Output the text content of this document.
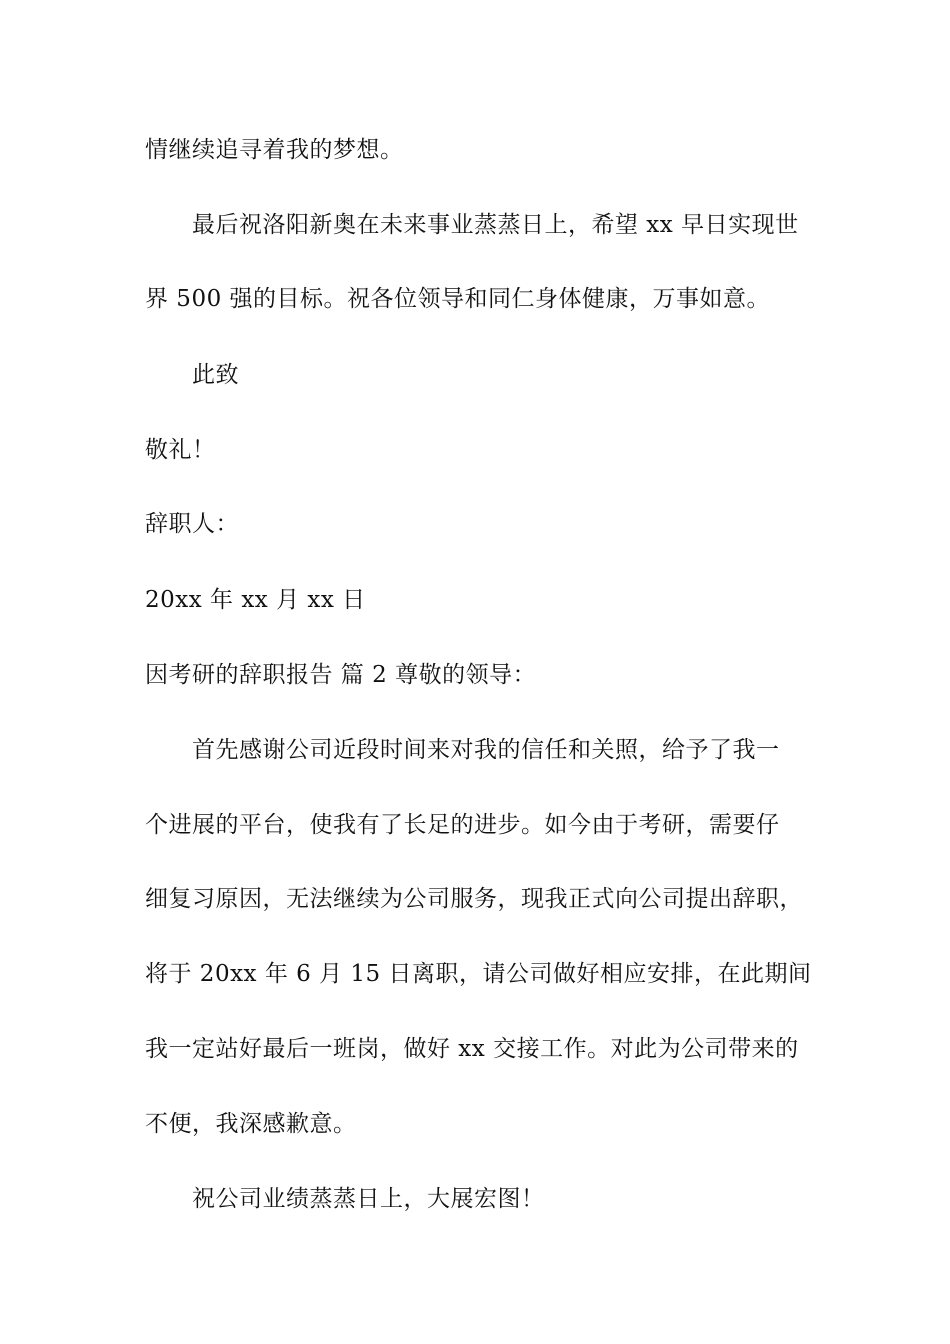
情继续追寻着我的梦想。
最后祝洛阳新奥在未来事业蒸蒸日上，希望 xx 早日实现世
界 500 强的目标。祝各位领导和同仁身体健康，万事如意。
此致
敬礼！
辞职人：
20xx 年 xx 月 xx 日
因考研的辞职报告 篇 2 尊敬的领导：
首先感谢公司近段时间来对我的信任和关照，给予了我一
个进展的平台，使我有了长足的进步。如今由于考研，需要仔
细复习原因，无法继续为公司服务，现我正式向公司提出辞职，
将于 20xx 年 6 月 15 日离职，请公司做好相应安排，在此期间
我一定站好最后一班岗，做好 xx 交接工作。对此为公司带来的
不便，我深感歉意。
祝公司业绩蒸蒸日上，大展宏图！
